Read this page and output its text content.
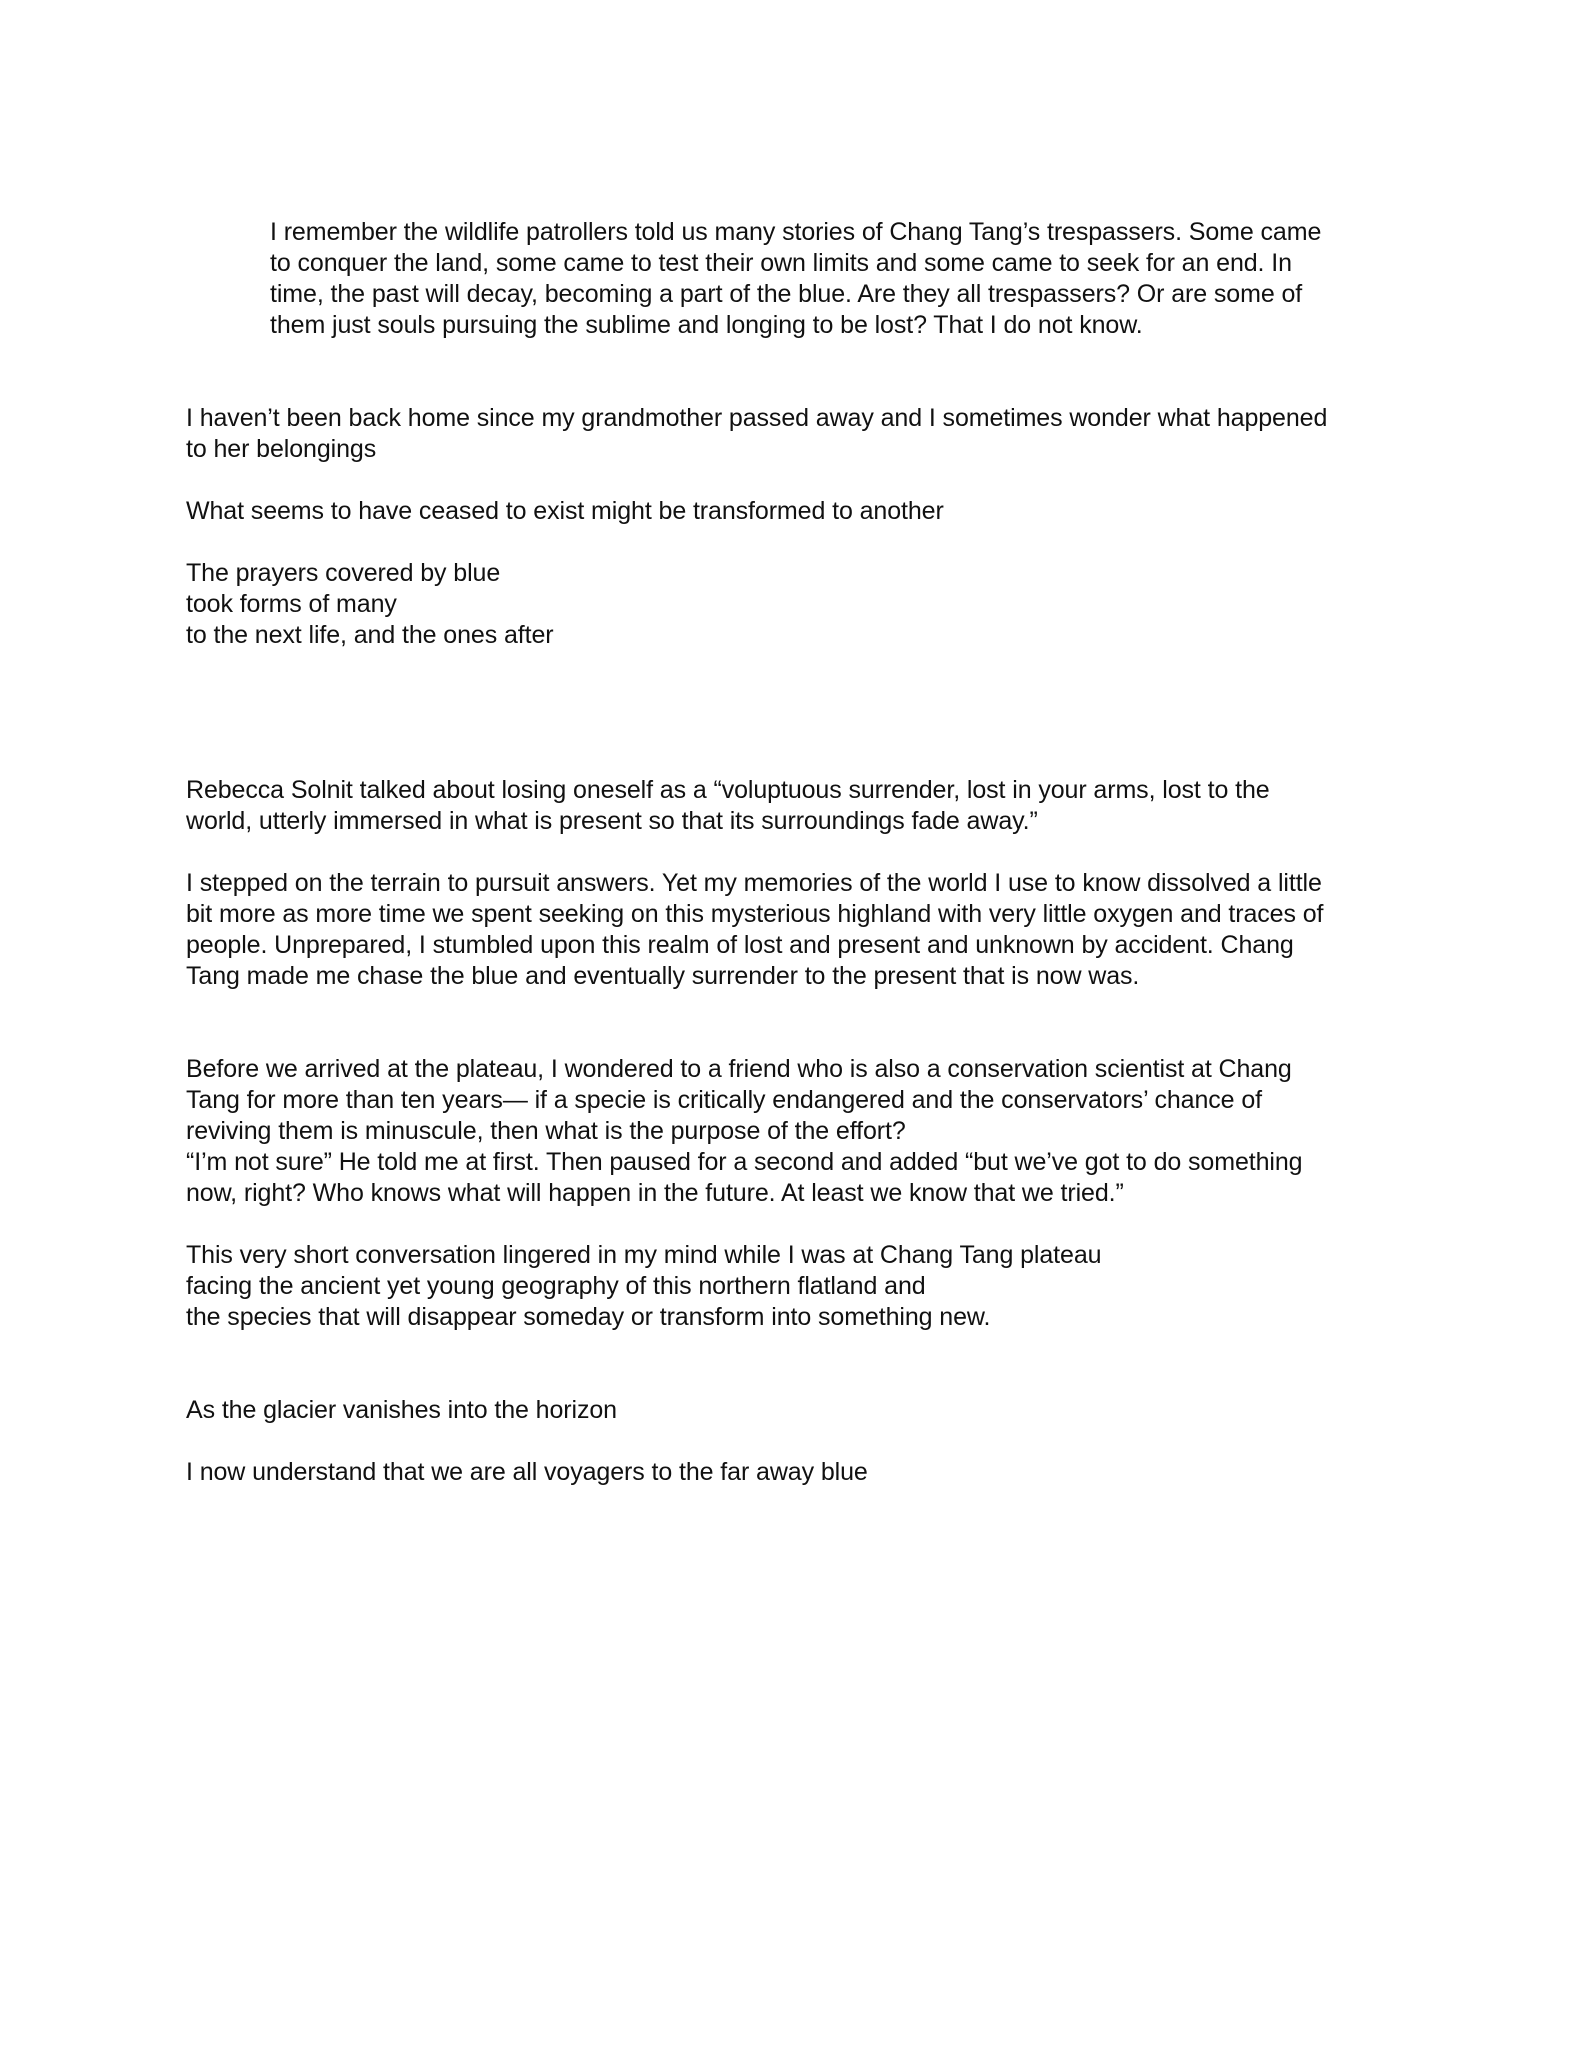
I remember the wildlife patrollers told us many stories of Chang Tang’s trespassers. Some came
to conquer the land, some came to test their own limits and some came to seek for an end. In
time, the past will decay, becoming a part of the blue. Are they all trespassers? Or are some of
them just souls pursuing the sublime and longing to be lost? That I do not know.
I haven’t been back home since my grandmother passed away and I sometimes wonder what happened
to her belongings
What seems to have ceased to exist might be transformed to another
The prayers covered by blue
took forms of many
to the next life, and the ones after
Rebecca Solnit talked about losing oneself as a “voluptuous surrender, lost in your arms, lost to the
world, utterly immersed in what is present so that its surroundings fade away.”
I stepped on the terrain to pursuit answers. Yet my memories of the world I use to know dissolved a little
bit more as more time we spent seeking on this mysterious highland with very little oxygen and traces of
people. Unprepared, I stumbled upon this realm of lost and present and unknown by accident. Chang
Tang made me chase the blue and eventually surrender to the present that is now was.
Before we arrived at the plateau, I wondered to a friend who is also a conservation scientist at Chang
Tang for more than ten years— if a specie is critically endangered and the conservators’ chance of
reviving them is minuscule, then what is the purpose of the effort?
“I’m not sure” He told me at first. Then paused for a second and added “but we’ve got to do something
now, right? Who knows what will happen in the future. At least we know that we tried.”
This very short conversation lingered in my mind while I was at Chang Tang plateau
facing the ancient yet young geography of this northern flatland and
the species that will disappear someday or transform into something new.
As the glacier vanishes into the horizon
I now understand that we are all voyagers to the far away blue
